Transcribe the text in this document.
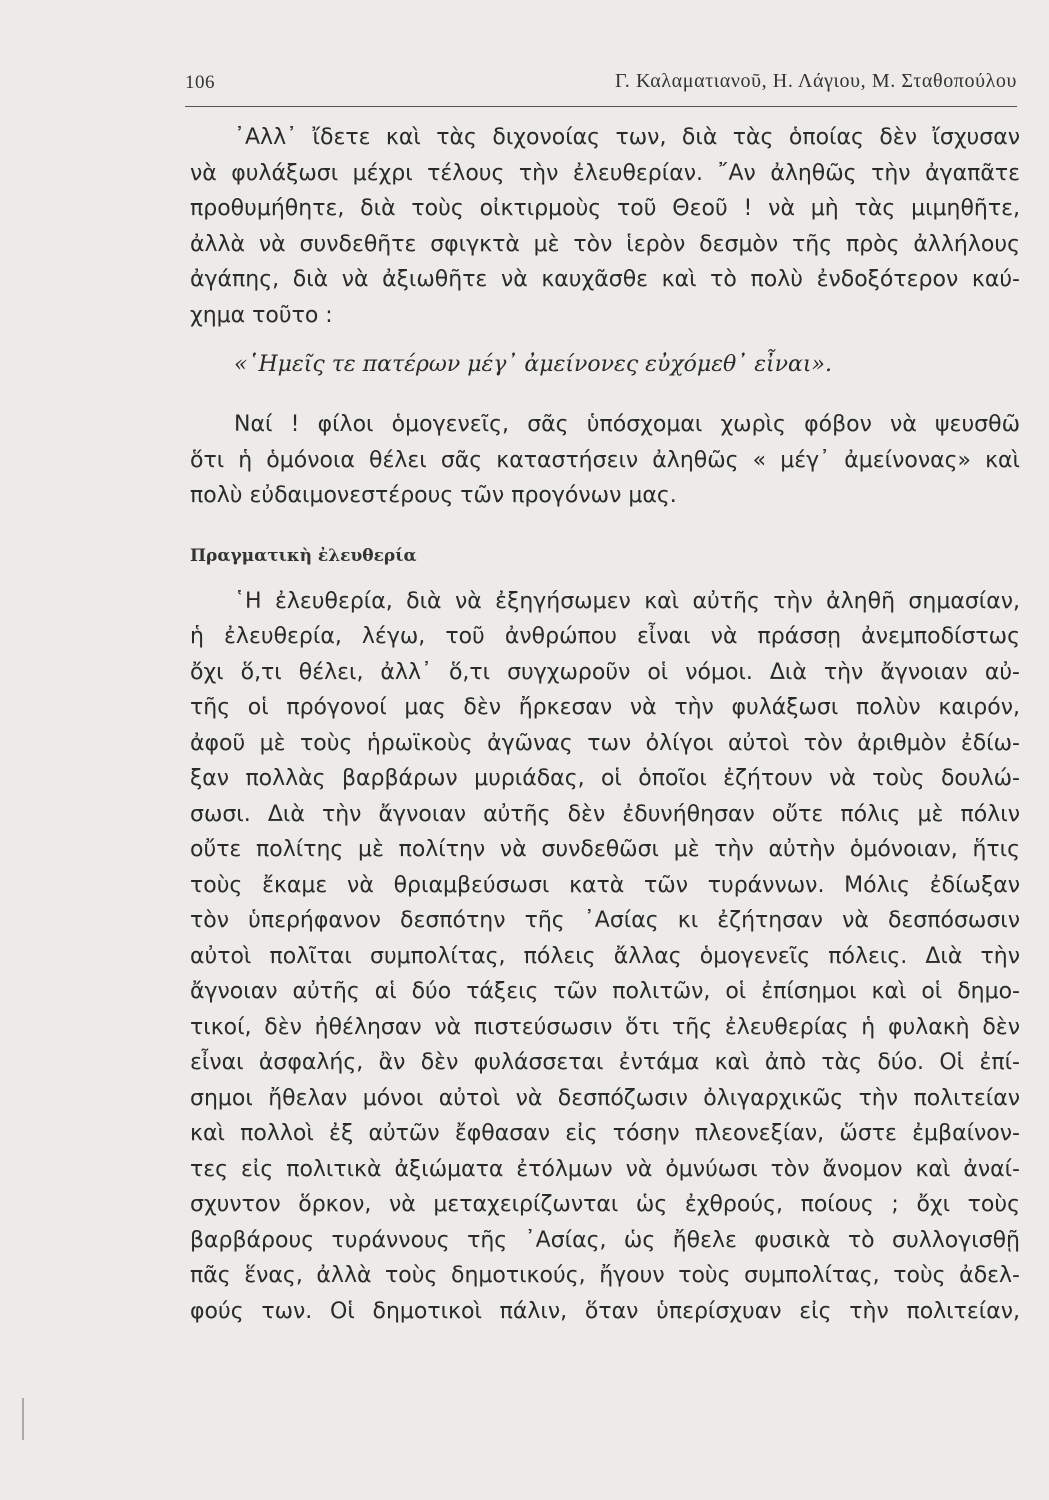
106	Γ. Καλαματιανοῦ, Η. Λάγιου, Μ. Σταθοπούλου
᾿Αλλ᾿ ἴδετε καὶ τὰς διχονοίας των, διὰ τὰς ὁποίας δὲν ἴσχυσαν
νὰ φυλάξωσι μέχρι τέλους τὴν ἐλευθερίαν. ῎Αν ἀληθῶς τὴν ἀγαπᾶτε
προθυμήθητε, διὰ τοὺς οἰκτιρμοὺς τοῦ Θεοῦ ! νὰ μὴ τὰς μιμηθῆτε,
ἀλλὰ νὰ συνδεθῆτε σφιγκτὰ μὲ τὸν ἱερὸν δεσμὸν τῆς πρὸς ἀλλήλους
ἀγάπης, διὰ νὰ ἀξιωθῆτε νὰ καυχᾶσθε καὶ τὸ πολὺ ἐνδοξότερον καύ-
χημα τοῦτο :
«῾Ημεῖς τε πατέρων μέγ᾿ ἀμείνονες εὐχόμεθ᾿ εἶναι».
Ναί ! φίλοι ὁμογενεῖς, σᾶς ὑπόσχομαι χωρὶς φόβον νὰ ψευσθῶ
ὅτι ἡ ὁμόνοια θέλει σᾶς καταστήσειν ἀληθῶς « μέγ᾿ ἀμείνονας» καὶ
πολὺ εὐδαιμονεστέρους τῶν προγόνων μας.
Πραγματικὴ ἐλευθερία
῾Η ἐλευθερία, διὰ νὰ ἐξηγήσωμεν καὶ αὐτῆς τὴν ἀληθῆ σημασίαν,
ἡ ἐλευθερία, λέγω, τοῦ ἀνθρώπου εἶναι νὰ πράσσῃ ἀνεμποδίστως
ὄχι ὅ,τι θέλει, ἀλλ᾿ ὅ,τι συγχωροῦν οἱ νόμοι. Διὰ τὴν ἄγνοιαν αὐ-
τῆς οἱ πρόγονοί μας δὲν ἤρκεσαν νὰ τὴν φυλάξωσι πολὺν καιρόν,
ἀφοῦ μὲ τοὺς ἡρωϊκοὺς ἀγῶνας των ὀλίγοι αὐτοὶ τὸν ἀριθμὸν ἐδίω-
ξαν πολλὰς βαρβάρων μυριάδας, οἱ ὁποῖοι ἐζήτουν νὰ τοὺς δουλώ-
σωσι. Διὰ τὴν ἄγνοιαν αὐτῆς δὲν ἐδυνήθησαν οὔτε πόλις μὲ πόλιν
οὔτε πολίτης μὲ πολίτην νὰ συνδεθῶσι μὲ τὴν αὐτὴν ὁμόνοιαν, ἥτις
τοὺς ἔκαμε νὰ θριαμβεύσωσι κατὰ τῶν τυράννων. Μόλις ἐδίωξαν
τὸν ὑπερήφανον δεσπότην τῆς ᾿Ασίας κι ἐζήτησαν νὰ δεσπόσωσιν
αὐτοὶ πολῖται συμπολίτας, πόλεις ἄλλας ὁμογενεῖς πόλεις. Διὰ τὴν
ἄγνοιαν αὐτῆς αἱ δύο τάξεις τῶν πολιτῶν, οἱ ἐπίσημοι καὶ οἱ δημο-
τικοί, δὲν ἠθέλησαν νὰ πιστεύσωσιν ὅτι τῆς ἐλευθερίας ἡ φυλακὴ δὲν
εἶναι ἀσφαλής, ἂν δὲν φυλάσσεται ἐντάμα καὶ ἀπὸ τὰς δύο. Οἱ ἐπί-
σημοι ἤθελαν μόνοι αὐτοὶ νὰ δεσπόζωσιν ὀλιγαρχικῶς τὴν πολιτείαν
καὶ πολλοὶ ἐξ αὐτῶν ἔφθασαν εἰς τόσην πλεονεξίαν, ὥστε ἐμβαίνον-
τες εἰς πολιτικὰ ἀξιώματα ἐτόλμων νὰ ὀμνύωσι τὸν ἄνομον καὶ ἀναί-
σχυντον ὅρκον, νὰ μεταχειρίζωνται ὡς ἐχθρούς, ποίους ; ὄχι τοὺς
βαρβάρους τυράννους τῆς ᾿Ασίας, ὡς ἤθελε φυσικὰ τὸ συλλογισθῇ
πᾶς ἕνας, ἀλλὰ τοὺς δημοτικούς, ἤγουν τοὺς συμπολίτας, τοὺς ἀδελ-
φούς των. Οἱ δημοτικοὶ πάλιν, ὅταν ὑπερίσχυαν εἰς τὴν πολιτείαν,
